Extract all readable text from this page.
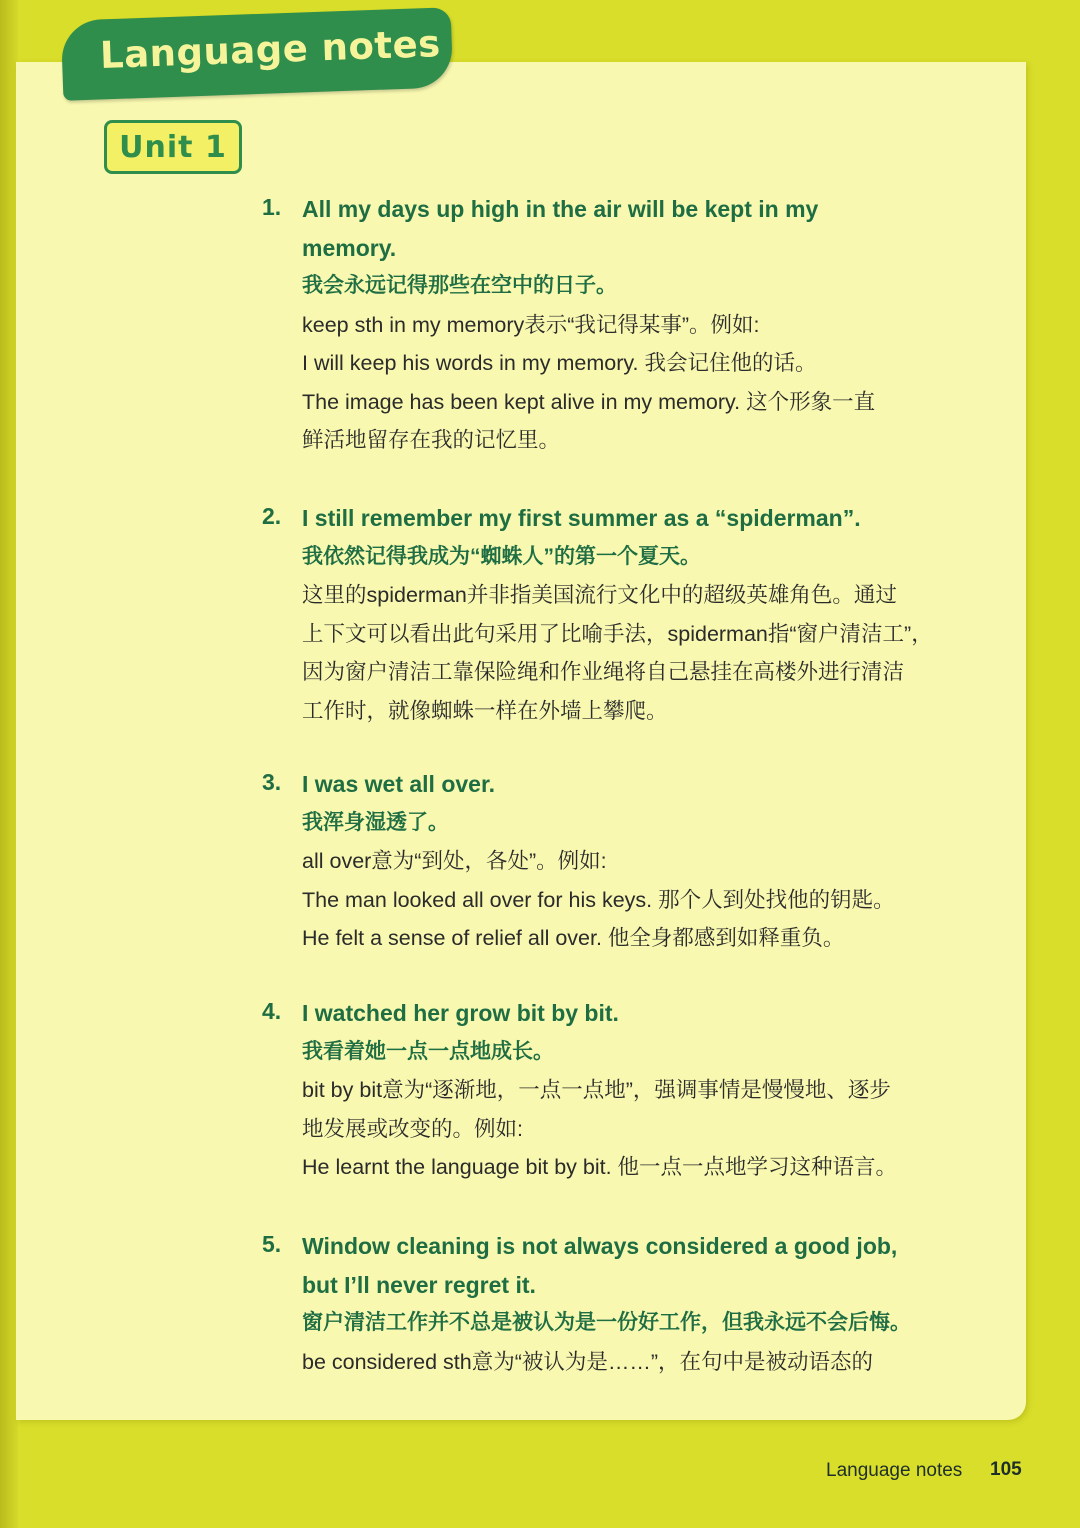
Language notes
Unit 1
1. All my days up high in the air will be kept in my
memory.
我会永远记得那些在空中的日子。
keep sth in my memory表示“我记得某事”。例如:
I will keep his words in my memory. 我会记住他的话。
The image has been kept alive in my memory. 这个形象一直
鲜活地留存在我的记忆里。
2. I still remember my first summer as a “spiderman”.
我依然记得我成为“蜘蛛人”的第一个夏天。
这里的spiderman并非指美国流行文化中的超级英雄角色。通过
上下文可以看出此句采用了比喻手法，spiderman指“窗户清洁工”，
因为窗户清洁工靠保险绳和作业绳将自己悬挂在高楼外进行清洁
工作时，就像蜘蛛一样在外墙上攀爬。
3. I was wet all over.
我浑身湿透了。
all over意为“到处，各处”。例如:
The man looked all over for his keys. 那个人到处找他的钥匙。
He felt a sense of relief all over. 他全身都感到如释重负。
4. I watched her grow bit by bit.
我看着她一点一点地成长。
bit by bit意为“逐渐地，一点一点地”，强调事情是慢慢地、逐步
地发展或改变的。例如:
He learnt the language bit by bit. 他一点一点地学习这种语言。
5. Window cleaning is not always considered a good job,
but I’ll never regret it.
窗户清洁工作并不总是被认为是一份好工作，但我永远不会后悔。
be considered sth意为“被认为是……”，在句中是被动语态的
Language notes 105
